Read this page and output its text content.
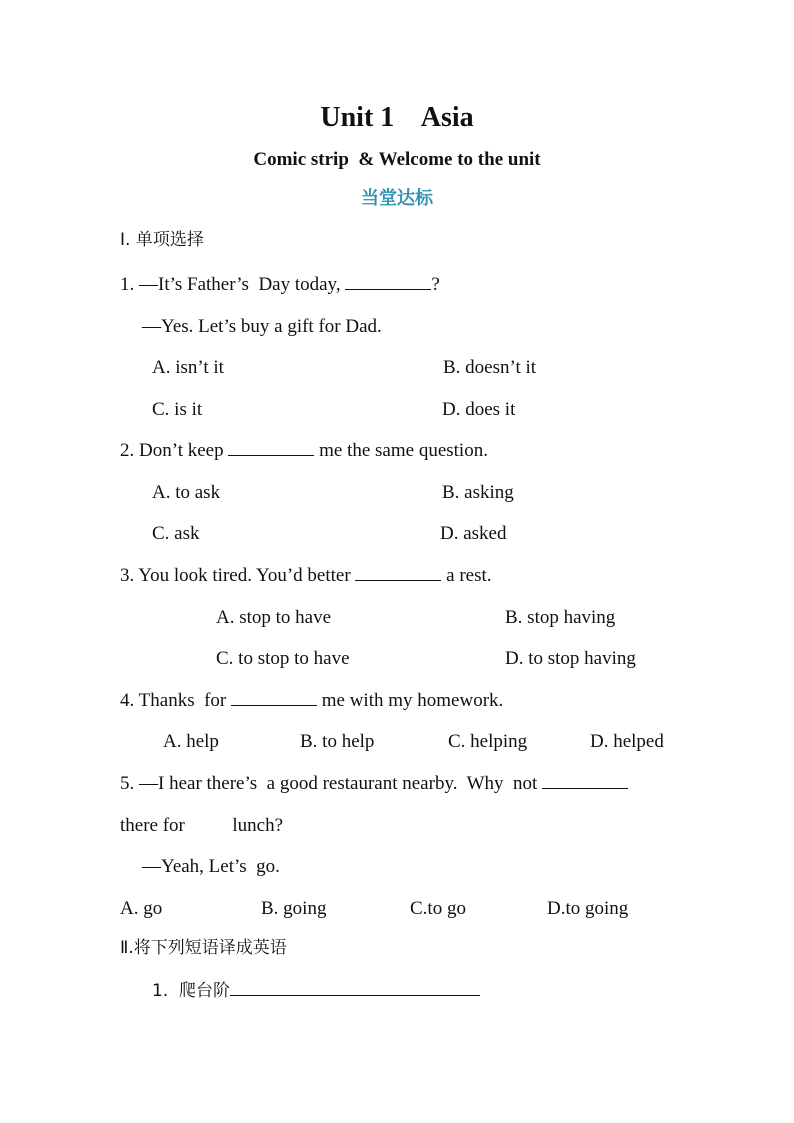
Unit 1    Asia
Comic strip  & Welcome to the unit
当堂达标
Ⅰ. 单项选择
1. —It’s Father’s  Day today,	?
—Yes. Let’s buy a gift for Dad.
A. isn’t it	B. doesn’t it
C. is it	D. does it
2. Don’t keep	me the same question.
A. to ask	B. asking
C. ask	D. asked
3. You look tired. You’d better	a rest.
A. stop to have	B. stop having
C. to stop to have	D. to stop having
4. Thanks  for	me with my homework.
A. help	B. to help	C. helping	D. helped
5. —I hear there’s  a good restaurant nearby.  Why  not
there for          lunch?
—Yeah, Let’s  go.
A. go	B. going	C.to go	D.to going
Ⅱ.将下列短语译成英语
1.  爬台阶
